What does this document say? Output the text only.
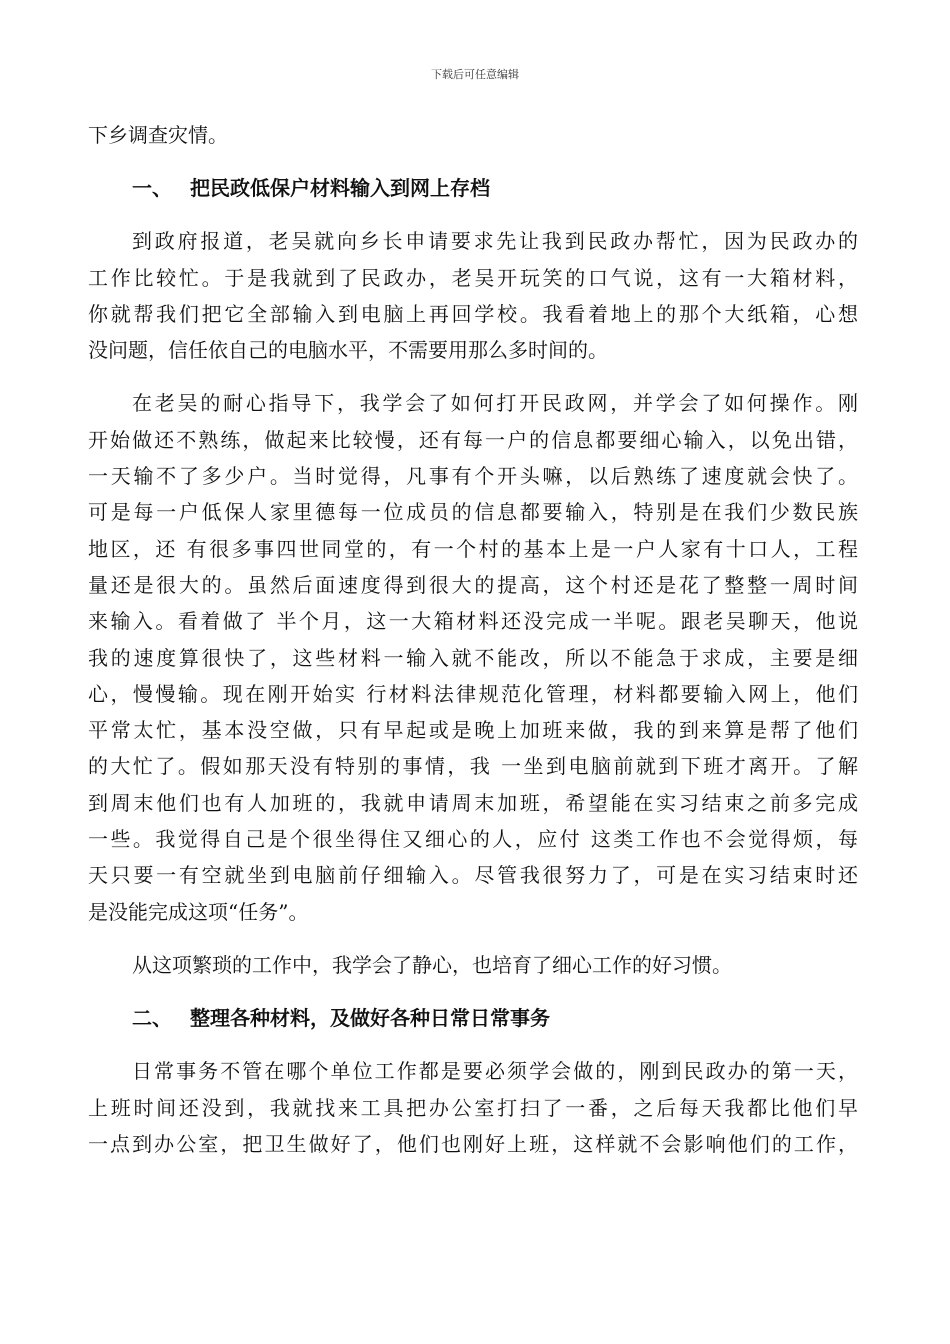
下载后可任意编辑
下乡调查灾情。
一、 把民政低保户材料输入到网上存档
到政府报道，老吴就向乡长申请要求先让我到民政办帮忙，因为民政办的
工作比较忙。于是我就到了民政办，老吴开玩笑的口气说，这有一大箱材料，
你就帮我们把它全部输入到电脑上再回学校。我看着地上的那个大纸箱，心想
没问题，信任依自己的电脑水平，不需要用那么多时间的。
在老吴的耐心指导下，我学会了如何打开民政网，并学会了如何操作。刚
开始做还不熟练，做起来比较慢，还有每一户的信息都要细心输入，以免出错，
一天输不了多少户。当时觉得，凡事有个开头嘛，以后熟练了速度就会快了。
可是每一户低保人家里德每一位成员的信息都要输入，特别是在我们少数民族
地区，还 有很多事四世同堂的，有一个村的基本上是一户人家有十口人，工程
量还是很大的。虽然后面速度得到很大的提高，这个村还是花了整整一周时间
来输入。看着做了 半个月，这一大箱材料还没完成一半呢。跟老吴聊天，他说
我的速度算很快了，这些材料一输入就不能改，所以不能急于求成，主要是细
心，慢慢输。现在刚开始实 行材料法律规范化管理，材料都要输入网上，他们
平常太忙，基本没空做，只有早起或是晚上加班来做，我的到来算是帮了他们
的大忙了。假如那天没有特别的事情，我 一坐到电脑前就到下班才离开。了解
到周末他们也有人加班的，我就申请周末加班，希望能在实习结束之前多完成
一些。我觉得自己是个很坐得住又细心的人，应付 这类工作也不会觉得烦，每
天只要一有空就坐到电脑前仔细输入。尽管我很努力了，可是在实习结束时还
是没能完成这项“任务”。
从这项繁琐的工作中，我学会了静心，也培育了细心工作的好习惯。
二、 整理各种材料，及做好各种日常日常事务
日常事务不管在哪个单位工作都是要必须学会做的，刚到民政办的第一天，
上班时间还没到，我就找来工具把办公室打扫了一番，之后每天我都比他们早
一点到办公室，把卫生做好了，他们也刚好上班，这样就不会影响他们的工作，
